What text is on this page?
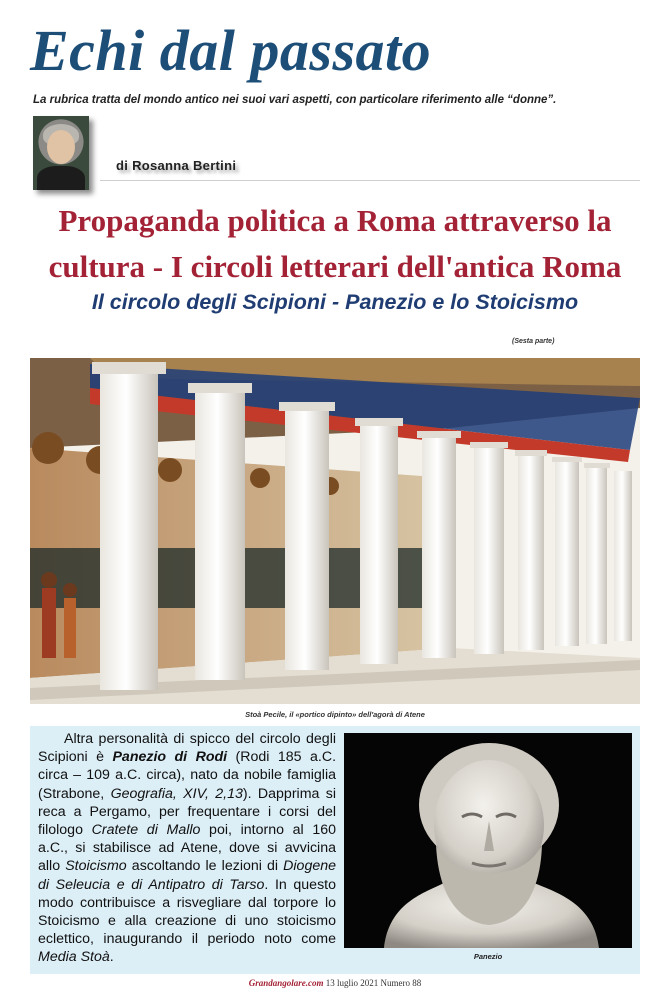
Echi dal passato
La rubrica tratta del mondo antico nei suoi vari aspetti, con particolare riferimento alle “donne”.
di Rosanna Bertini
Propaganda politica a Roma attraverso la
cultura - I circoli letterari dell'antica Roma
Il circolo degli Scipioni - Panezio e lo Stoicismo
(Sesta parte)
Stoà Pecile, il «portico dipinto» dell'agorà di Atene

Altra personalità di spicco del circolo degli Scipioni è Panezio di Rodi (Rodi 185 a.C. circa – 109 a.C. circa), nato da nobile famiglia (Strabone, Geografia, XIV, 2,13). Dapprima si reca a Pergamo, per frequentare i corsi del filologo Cratete di Mallo poi, intorno al 160 a.C., si stabilisce ad Atene, dove si avvicina allo Stoicismo ascoltando le lezioni di Diogene di Seleucia e di Antipatro di Tarso. In questo modo contribuisce a risvegliare dal torpore lo Stoicismo e alla creazione di uno stoicismo eclettico, inaugurando il periodo noto come Media Stoà.	Panezio
Grandangolare.com 13 luglio 2021 Numero 88
